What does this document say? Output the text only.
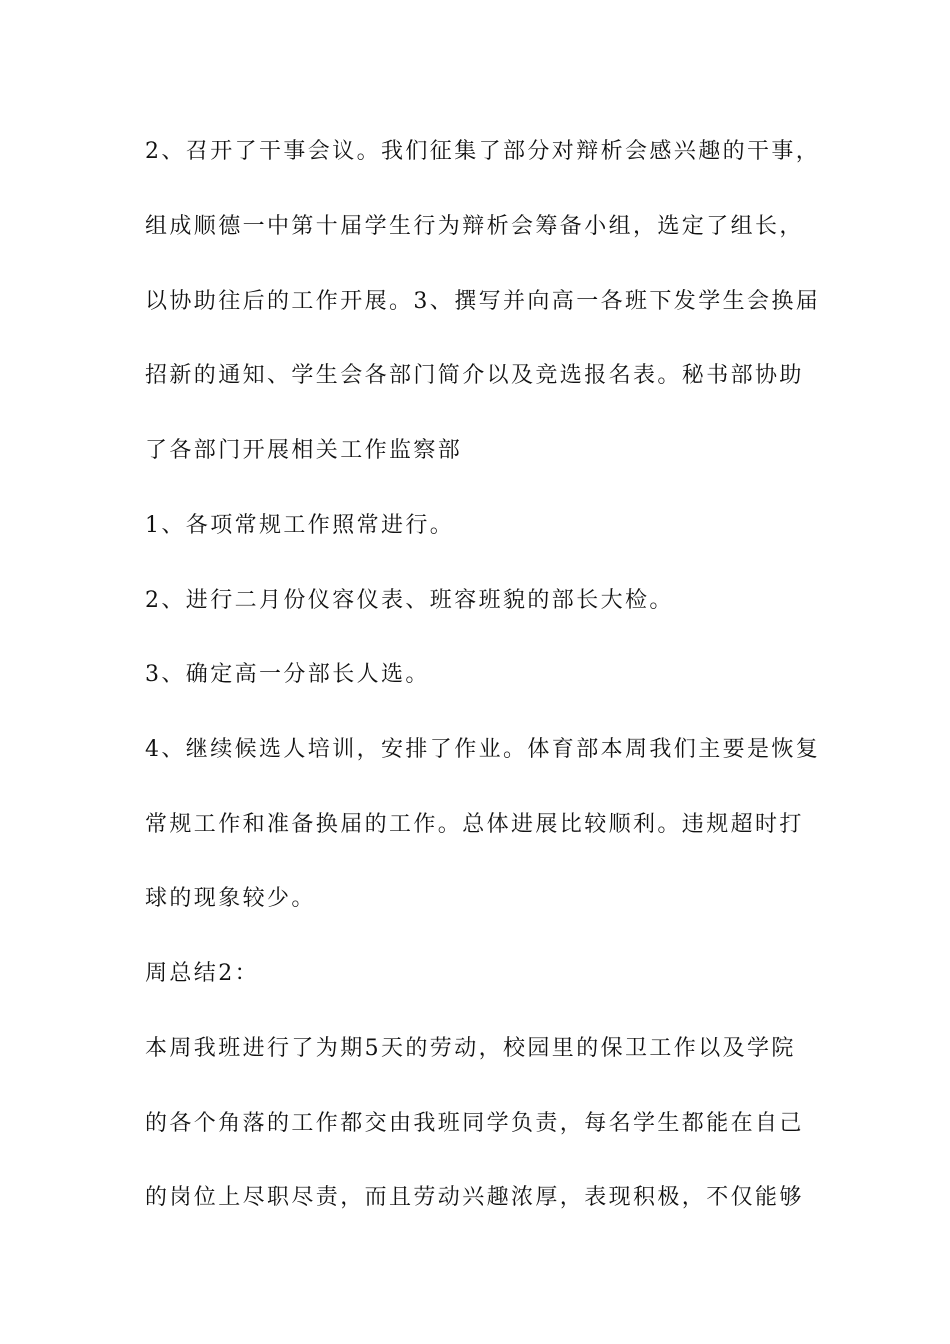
2、召开了干事会议。我们征集了部分对辩析会感兴趣的干事，
组成顺德一中第十届学生行为辩析会筹备小组，选定了组长，
以协助往后的工作开展。3、撰写并向高一各班下发学生会换届
招新的通知、学生会各部门简介以及竞选报名表。秘书部协助
了各部门开展相关工作监察部
1、各项常规工作照常进行。
2、进行二月份仪容仪表、班容班貌的部长大检。
3、确定高一分部长人选。
4、继续候选人培训，安排了作业。体育部本周我们主要是恢复
常规工作和准备换届的工作。总体进展比较顺利。违规超时打
球的现象较少。
周总结2：
本周我班进行了为期5天的劳动，校园里的保卫工作以及学院
的各个角落的工作都交由我班同学负责，每名学生都能在自己
的岗位上尽职尽责，而且劳动兴趣浓厚，表现积极，不仅能够
